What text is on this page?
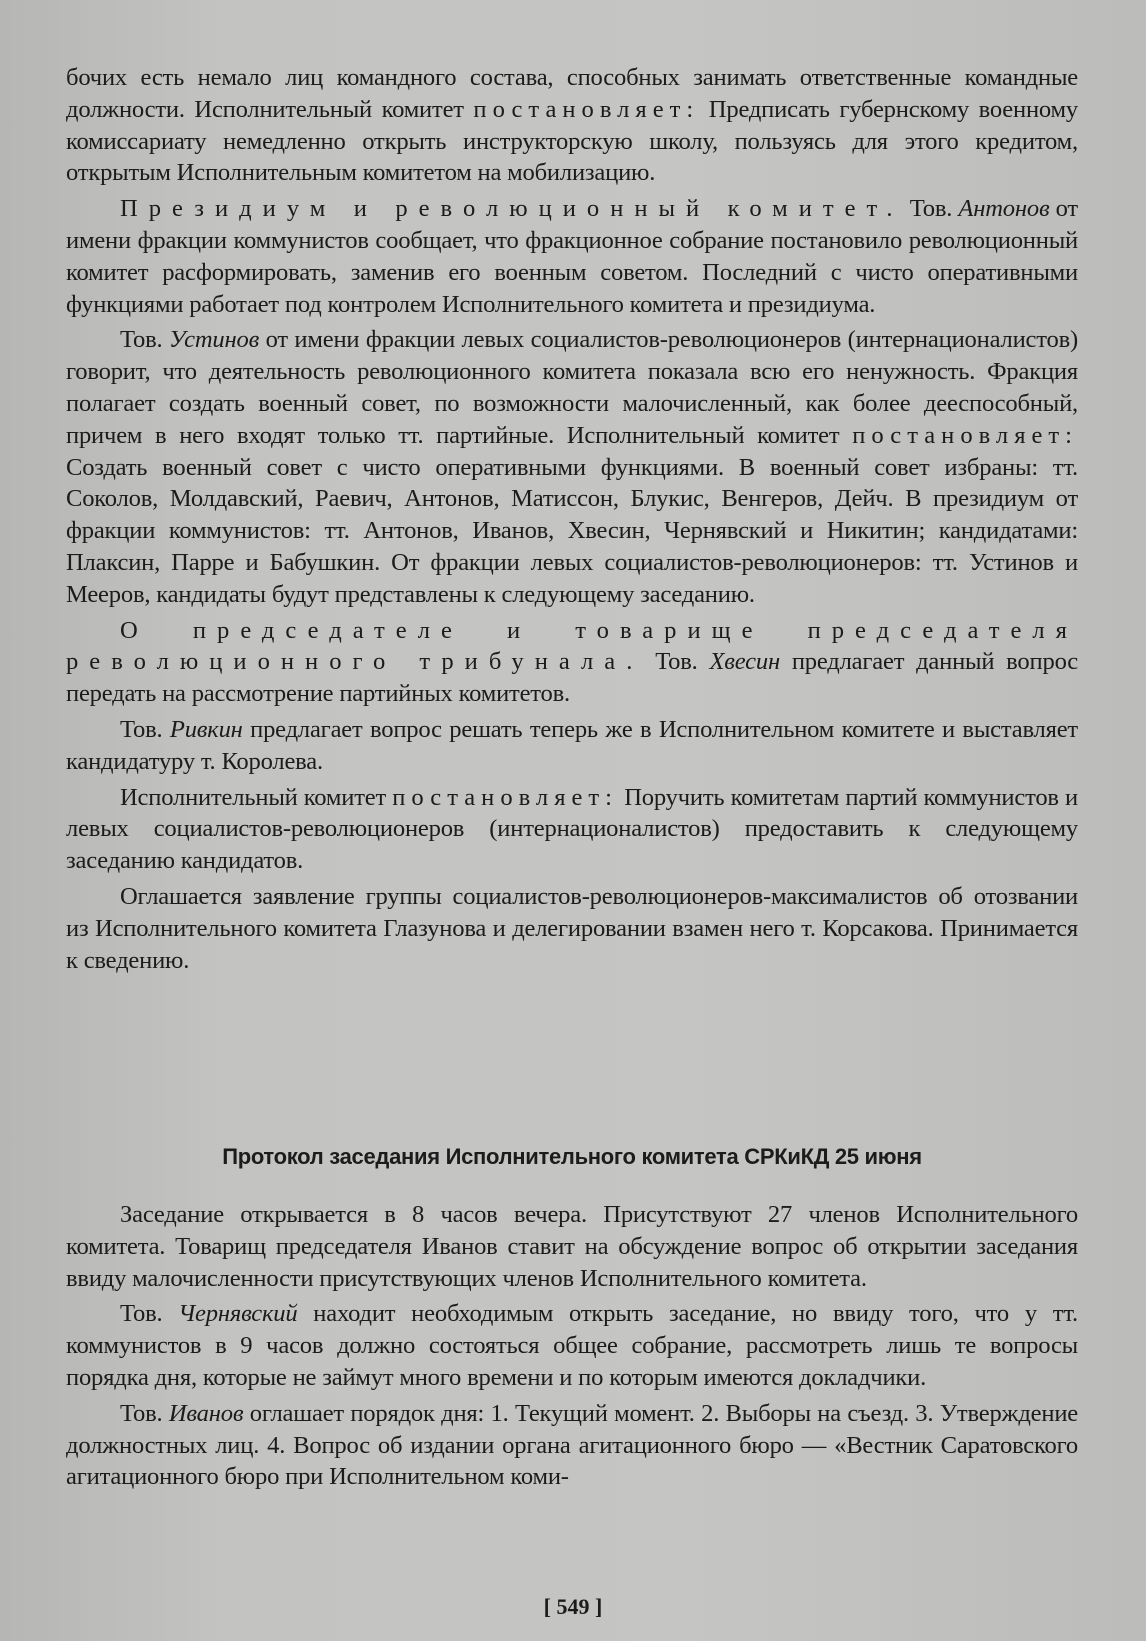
бочих есть немало лиц командного состава, способных занимать ответственные командные должности. Исполнительный комитет постановляет: Предписать губернскому военному комиссариату немедленно открыть инструкторскую школу, пользуясь для этого кредитом, открытым Исполнительным комитетом на мобилизацию.

Президиум и революционный комитет. Тов. Антонов от имени фракции коммунистов сообщает, что фракционное собрание постановило революционный комитет расформировать, заменив его военным советом. Последний с чисто оперативными функциями работает под контролем Исполнительного комитета и президиума.

Тов. Устинов от имени фракции левых социалистов-революционеров (интернационалистов) говорит, что деятельность революционного комитета показала всю его ненужность. Фракция полагает создать военный совет, по возможности малочисленный, как более дееспособный, причем в него входят только тт. партийные. Исполнительный комитет постановляет: Создать военный совет с чисто оперативными функциями. В военный совет избраны: тт. Соколов, Молдавский, Раевич, Антонов, Матиссон, Блукис, Венгеров, Дейч. В президиум от фракции коммунистов: тт. Антонов, Иванов, Хвесин, Чернявский и Никитин; кандидатами: Плаксин, Парре и Бабушкин. От фракции левых социалистов-революционеров: тт. Устинов и Мееров, кандидаты будут представлены к следующему заседанию.

О председателе и товарище председателя революционного трибунала. Тов. Хвесин предлагает данный вопрос передать на рассмотрение партийных комитетов.

Тов. Ривкин предлагает вопрос решать теперь же в Исполнительном комитете и выставляет кандидатуру т. Королева.

Исполнительный комитет постановляет: Поручить комитетам партий коммунистов и левых социалистов-революционеров (интернационалистов) предоставить к следующему заседанию кандидатов.

Оглашается заявление группы социалистов-революционеров-максималистов об отозвании из Исполнительного комитета Глазунова и делегировании взамен него т. Корсакова. Принимается к сведению.

Протокол заседания Исполнительного комитета СРКиКД 25 июня

Заседание открывается в 8 часов вечера. Присутствуют 27 членов Исполнительного комитета. Товарищ председателя Иванов ставит на обсуждение вопрос об открытии заседания ввиду малочисленности присутствующих членов Исполнительного комитета.

Тов. Чернявский находит необходимым открыть заседание, но ввиду того, что у тт. коммунистов в 9 часов должно состояться общее собрание, рассмотреть лишь те вопросы порядка дня, которые не займут много времени и по которым имеются докладчики.

Тов. Иванов оглашает порядок дня: 1. Текущий момент. 2. Выборы на съезд. 3. Утверждение должностных лиц. 4. Вопрос об издании органа агитационного бюро — «Вестник Саратовского агитационного бюро при Исполнительном коми-

[ 549 ]
